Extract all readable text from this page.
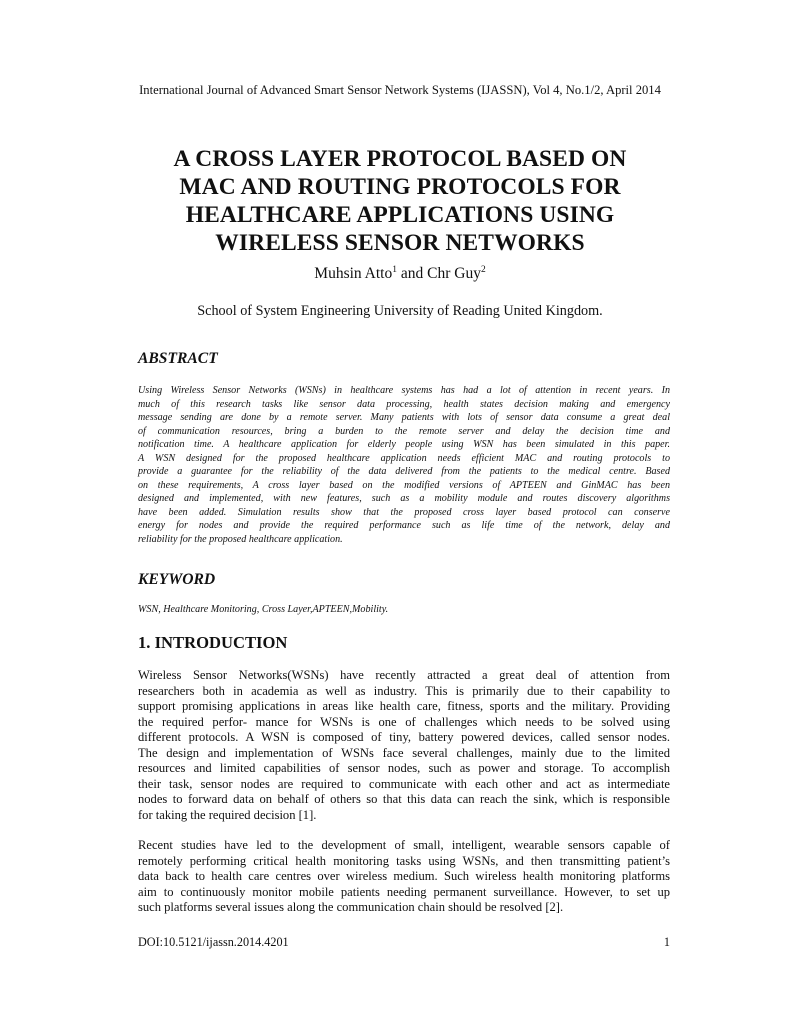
International Journal of Advanced Smart Sensor Network Systems (IJASSN), Vol 4, No.1/2, April 2014
A CROSS LAYER PROTOCOL BASED ON
MAC AND ROUTING PROTOCOLS FOR
HEALTHCARE APPLICATIONS USING
WIRELESS SENSOR NETWORKS
Muhsin Atto$^1$ and Chr Guy$^2$
School of System Engineering University of Reading United Kingdom.
ABSTRACT
Using Wireless Sensor Networks (WSNs) in healthcare systems has had a lot of attention in recent years. In
much of this research tasks like sensor data processing, health states decision making and emergency
message sending are done by a remote server. Many patients with lots of sensor data consume a great deal
of communication resources, bring a burden to the remote server and delay the decision time and
notification time. A healthcare application for elderly people using WSN has been simulated in this paper.
A WSN designed for the proposed healthcare application needs efficient MAC and routing protocols to
provide a guarantee for the reliability of the data delivered from the patients to the medical centre. Based
on these requirements, A cross layer based on the modified versions of APTEEN and GinMAC has been
designed and implemented, with new features, such as a mobility module and routes discovery algorithms
have been added. Simulation results show that the proposed cross layer based protocol can conserve
energy for nodes and provide the required performance such as life time of the network, delay and
reliability for the proposed healthcare application.
KEYWORD

WSN, Healthcare Monitoring, Cross Layer,APTEEN,Mobility.

1. INTRODUCTION
Wireless Sensor Networks(WSNs) have recently attracted a great deal of attention from
researchers both in academia as well as industry. This is primarily due to their capability to
support promising applications in areas like health care, fitness, sports and the military. Providing
the required perfor- mance for WSNs is one of challenges which needs to be solved using
different protocols. A WSN is composed of tiny, battery powered devices, called sensor nodes.
The design and implementation of WSNs face several challenges, mainly due to the limited
resources and limited capabilities of sensor nodes, such as power and storage. To accomplish
their task, sensor nodes are required to communicate with each other and act as intermediate
nodes to forward data on behalf of others so that this data can reach the sink, which is responsible
for taking the required decision [1].
Recent studies have led to the development of small, intelligent, wearable sensors capable of
remotely performing critical health monitoring tasks using WSNs, and then transmitting patient’s
data back to health care centres over wireless medium. Such wireless health monitoring platforms
aim to continuously monitor mobile patients needing permanent surveillance. However, to set up
such platforms several issues along the communication chain should be resolved [2].
DOI:10.5121/ijassn.2014.4201	1
